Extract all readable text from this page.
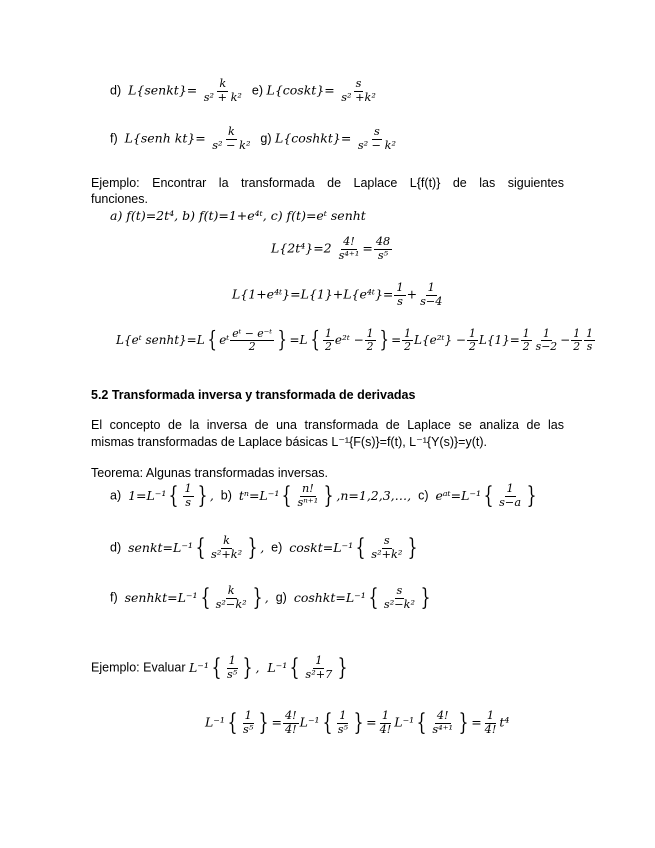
d) L{senkt}= $\frac{k}{\text{s² + k²}} e$) L{coskt}= $\frac{s}{\text{s² +k²}}$
f) L{senh $kt\}= \frac{k}{\text{s² − k²}} g$) L{coshkt}= $\frac{s}{\text{s² − k²}}$
Ejemplo: Encontrar la transformada de Laplace L{f(t)} de las siguientes
funciones.
a) f(t)=2t⁴, b) f(t)=1+e⁴ᵗ, c) f(t)=eᵗ senht
$L\{2t^4\}=2 \frac{4!}{\text{s⁴⁺¹}} = \frac{48}{\text{s⁵}}$
L{1+e⁴ᵗ}=L{1}+L{e⁴ᵗ}= $\frac{1}{s} + \frac{1}{s-4}$
L{eᵗ senht}=L { eᵗ $\frac{\text{eᵗ − e⁻ᵗ}}{2}$ } =L { $\frac{1}{2}$ e²ᵗ − $\frac{1}{2}$ } = $\frac{1}{2}$ L{e²ᵗ} − $\frac{1}{2} L\{1\}= \frac{1}{2} \frac{1}{s-2} - \frac{1}{2} \frac{1}{s}$
5.2 Transformada inversa y transformada de derivadas
El concepto de la inversa de una transformada de Laplace se analiza de las
mismas transformadas de Laplace básicas L⁻¹{F(s)}=f(t), L⁻¹{Y(s)}=y(t).
Teorema: Algunas transformadas inversas.
a) 1=L⁻¹ { $\frac{1}{s}$ } , b) tⁿ=L⁻¹ { $\frac{n!}{\text{sⁿ⁺¹}}$ } ,n=1,2,3,…, c) eᵃᵗ=L⁻¹ { $\frac{1}{s-a}$ }
d) senkt=L⁻¹ { $\frac{k}{\text{s²+k²}}$ } , e) coskt=L⁻¹ { $\frac{s}{\text{s²+k²}}$ }
f) senhkt=L⁻¹ { $\frac{k}{\text{s²−k²}}$ } , g) coshkt=L⁻¹ { $\frac{s}{\text{s²−k²}}$ }
Ejemplo: Evaluar L⁻¹ { $\frac{1}{\text{s⁵}}$ } ,  L⁻¹ { $\frac{1}{\text{s²+7}}$ }
L⁻¹ { $\frac{1}{\text{s⁵}}$ } = $\frac{4!}{4!} L^{-1}$ { $\frac{1}{\text{s⁵}}$ } = $\frac{1}{4!} L^{-1}$ { $\frac{4!}{\text{s⁴⁺¹}}$ } = $\frac{1}{4!} t^4$
